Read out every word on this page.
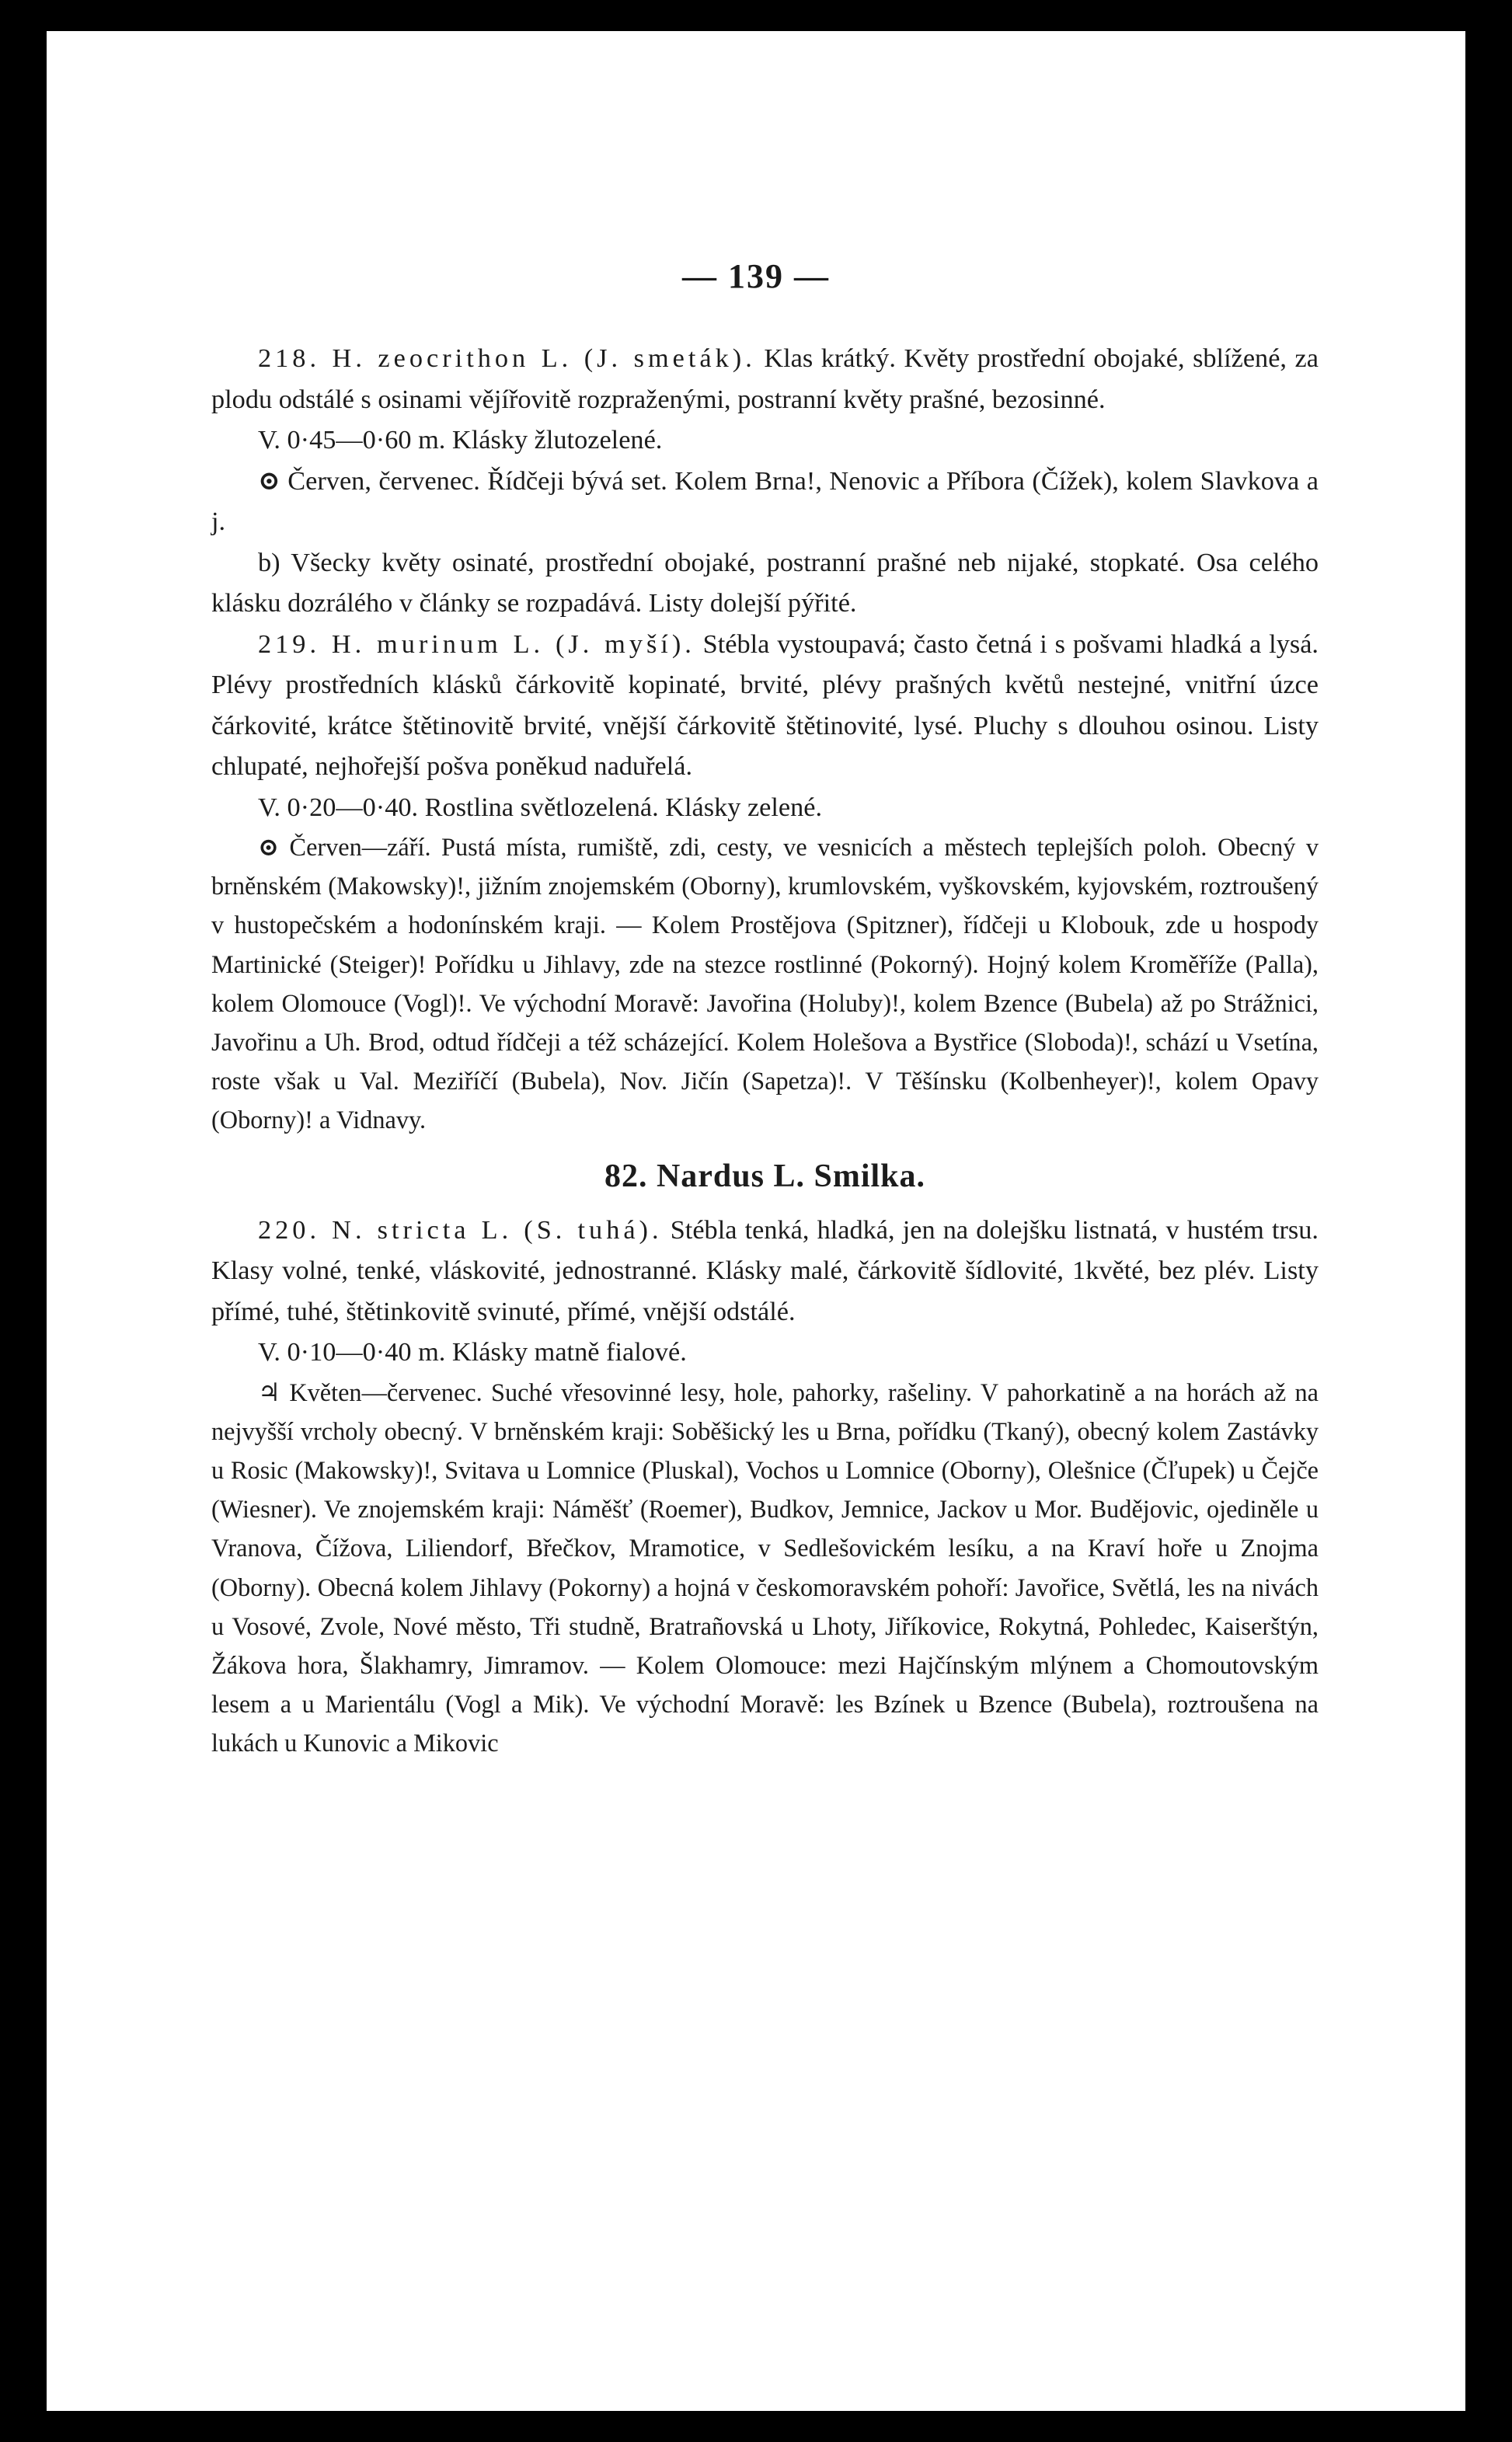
— 139 —

218. H. zeocrithon L. (J. smeták). Klas krátký. Květy prostřední obojaké, sblížené, za plodu odstálé s osinami vějířovitě rozpraženými, postranní květy prašné, bezosinné.

V. 0·45—0·60 m. Klásky žlutozelené.

⊙ Červen, červenec. Řídčeji bývá set. Kolem Brna!, Nenovic a Příbora (Čížek), kolem Slavkova a j.

b) Všecky květy osinaté, prostřední obojaké, postranní prašné neb nijaké, stopkaté. Osa celého klásku dozrálého v články se rozpadává. Listy dolejší pýřité.

219. H. murinum L. (J. myší). Stébla vystoupavá; často četná i s pošvami hladká a lysá. Plévy prostředních klásků čárkovitě kopinaté, brvité, plévy prašných květů nestejné, vnitřní úzce čárkovité, krátce štětinovitě brvité, vnější čárkovitě štětinovité, lysé. Pluchy s dlouhou osinou. Listy chlupaté, nejhořejší pošva poněkud naduřelá.

V. 0·20—0·40. Rostlina světlozelená. Klásky zelené.

⊙ Červen—září. Pustá místa, rumiště, zdi, cesty, ve vesnicích a městech teplejších poloh. Obecný v brněnském (Makowsky)!, jižním znojemském (Oborny), krumlovském, vyškovském, kyjovském, roztroušený v hustopečském a hodonínském kraji. — Kolem Prostějova (Spitzner), řídčeji u Klobouk, zde u hospody Martinické (Steiger)! Pořídku u Jihlavy, zde na stezce rostlinné (Pokorný). Hojný kolem Kroměříže (Palla), kolem Olomouce (Vogl)!. Ve východní Moravě: Javořina (Holuby)!, kolem Bzence (Bubela) až po Strážnici, Javořinu a Uh. Brod, odtud řídčeji a též scházející. Kolem Holešova a Bystřice (Sloboda)!, schází u Vsetína, roste však u Val. Meziříčí (Bubela), Nov. Jičín (Sapetza)!. V Těšínsku (Kolbenheyer)!, kolem Opavy (Oborny)! a Vidnavy.

82. Nardus L. Smilka.

220. N. stricta L. (S. tuhá). Stébla tenká, hladká, jen na dolejšku listnatá, v hustém trsu. Klasy volné, tenké, vláskovité, jednostranné. Klásky malé, čárkovitě šídlovité, 1květé, bez plév. Listy přímé, tuhé, štětinkovitě svinuté, přímé, vnější odstálé.

V. 0·10—0·40 m. Klásky matně fialové.

♃ Květen—červenec. Suché vřesovinné lesy, hole, pahorky, rašeliny. V pahorkatině a na horách až na nejvyšší vrcholy obecný. V brněnském kraji: Soběšický les u Brna, pořídku (Tkaný), obecný kolem Zastávky u Rosic (Makowsky)!, Svitava u Lomnice (Pluskal), Vochos u Lomnice (Oborny), Olešnice (Čľupek) u Čejče (Wiesner). Ve znojemském kraji: Náměšť (Roemer), Budkov, Jemnice, Jackov u Mor. Budějovic, ojediněle u Vranova, Čížova, Liliendorf, Břečkov, Mramotice, v Sedlešovickém lesíku, a na Kraví hoře u Znojma (Oborny). Obecná kolem Jihlavy (Pokorny) a hojná v českomoravském pohoří: Javořice, Světlá, les na nivách u Vosové, Zvole, Nové město, Tři studně, Bratrañovská u Lhoty, Jiříkovice, Rokytná, Pohledec, Kaiserštýn, Žákova hora, Šlakhamry, Jimramov. — Kolem Olomouce: mezi Hajčínským mlýnem a Chomoutovským lesem a u Marientálu (Vogl a Mik). Ve východní Moravě: les Bzínek u Bzence (Bubela), roztroušena na lukách u Kunovic a Mikovic
